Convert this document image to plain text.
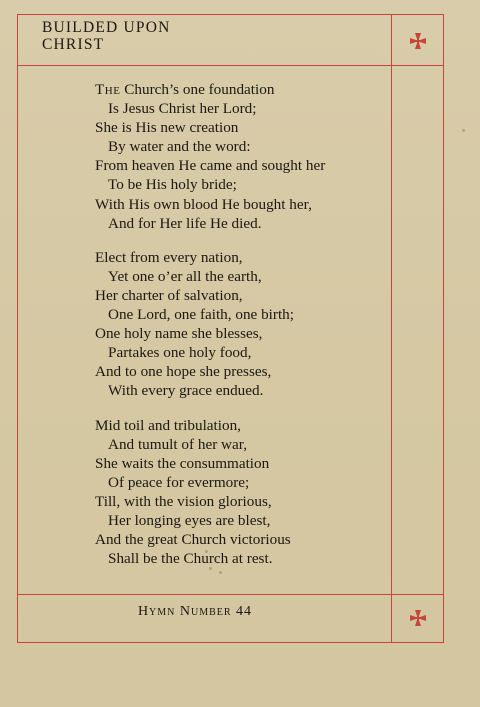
BUILDED UPON
CHRIST
The Church’s one foundation
Is Jesus Christ her Lord;
She is His new creation
By water and the word:
From heaven He came and sought her
To be His holy bride;
With His own blood He bought her,
And for Her life He died.
Elect from every nation,
Yet one o’er all the earth,
Her charter of salvation,
One Lord, one faith, one birth;
One holy name she blesses,
Partakes one holy food,
And to one hope she presses,
With every grace endued.
Mid toil and tribulation,
And tumult of her war,
She waits the consummation
Of peace for evermore;
Till, with the vision glorious,
Her longing eyes are blest,
And the great Church victorious
Shall be the Church at rest.
Hymn Number 44
